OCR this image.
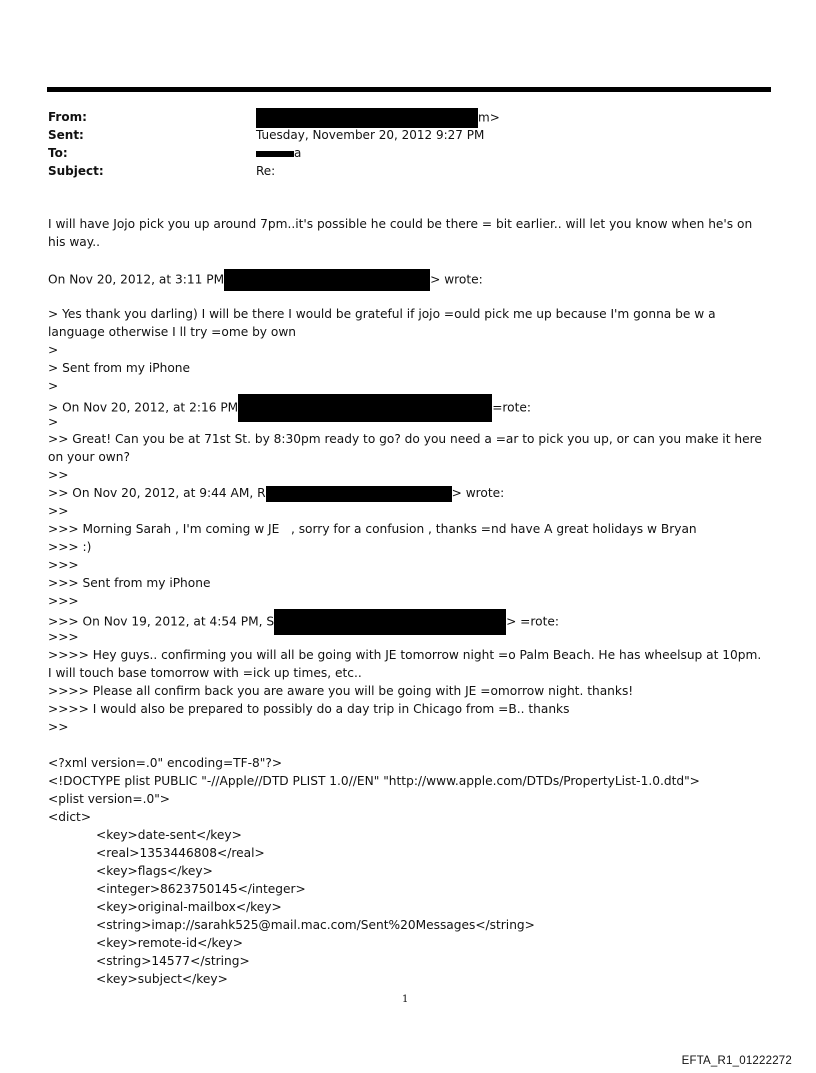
From:	m>
Sent:	Tuesday, November 20, 2012 9:27 PM
To:	a
Subject:	Re:
I will have Jojo pick you up around 7pm..it's possible he could be there = bit earlier.. will let you know when he's on his way..
On Nov 20, 2012, at 3:11 PM	> wrote:
> Yes thank you darling) I will be there I would be grateful if jojo =ould pick me up because I'm gonna be w a language otherwise I ll try =ome by own
>
> Sent from my iPhone
>
> On Nov 20, 2012, at 2:16 PM	=rote:
>
>> Great! Can you be at 71st St. by 8:30pm ready to go? do you need a =ar to pick you up, or can you make it here on your own?
>>
>> On Nov 20, 2012, at 9:44 AM, R	> wrote:
>>
>>> Morning Sarah , I'm coming w JE   , sorry for a confusion , thanks =nd have A great holidays w Bryan
>>> :)
>>>
>>> Sent from my iPhone
>>>
>>> On Nov 19, 2012, at 4:54 PM, S	> =rote:
>>>
>>>> Hey guys.. confirming you will all be going with JE tomorrow night =o Palm Beach. He has wheelsup at 10pm. I will touch base tomorrow with =ick up times, etc..
>>>> Please all confirm back you are aware you will be going with JE =omorrow night. thanks!
>>>> I would also be prepared to possibly do a day trip in Chicago from =B.. thanks
>>
<?xml version=.0" encoding=TF-8"?>
<!DOCTYPE plist PUBLIC "-//Apple//DTD PLIST 1.0//EN" "http://www.apple.com/DTDs/PropertyList-1.0.dtd">
<plist version=.0">
<dict>
<key>date-sent</key>
<real>1353446808</real>
<key>flags</key>
<integer>8623750145</integer>
<key>original-mailbox</key>
<string>imap://sarahk525@mail.mac.com/Sent%20Messages</string>
<key>remote-id</key>
<string>14577</string>
<key>subject</key>
1
EFTA_R1_01222272
